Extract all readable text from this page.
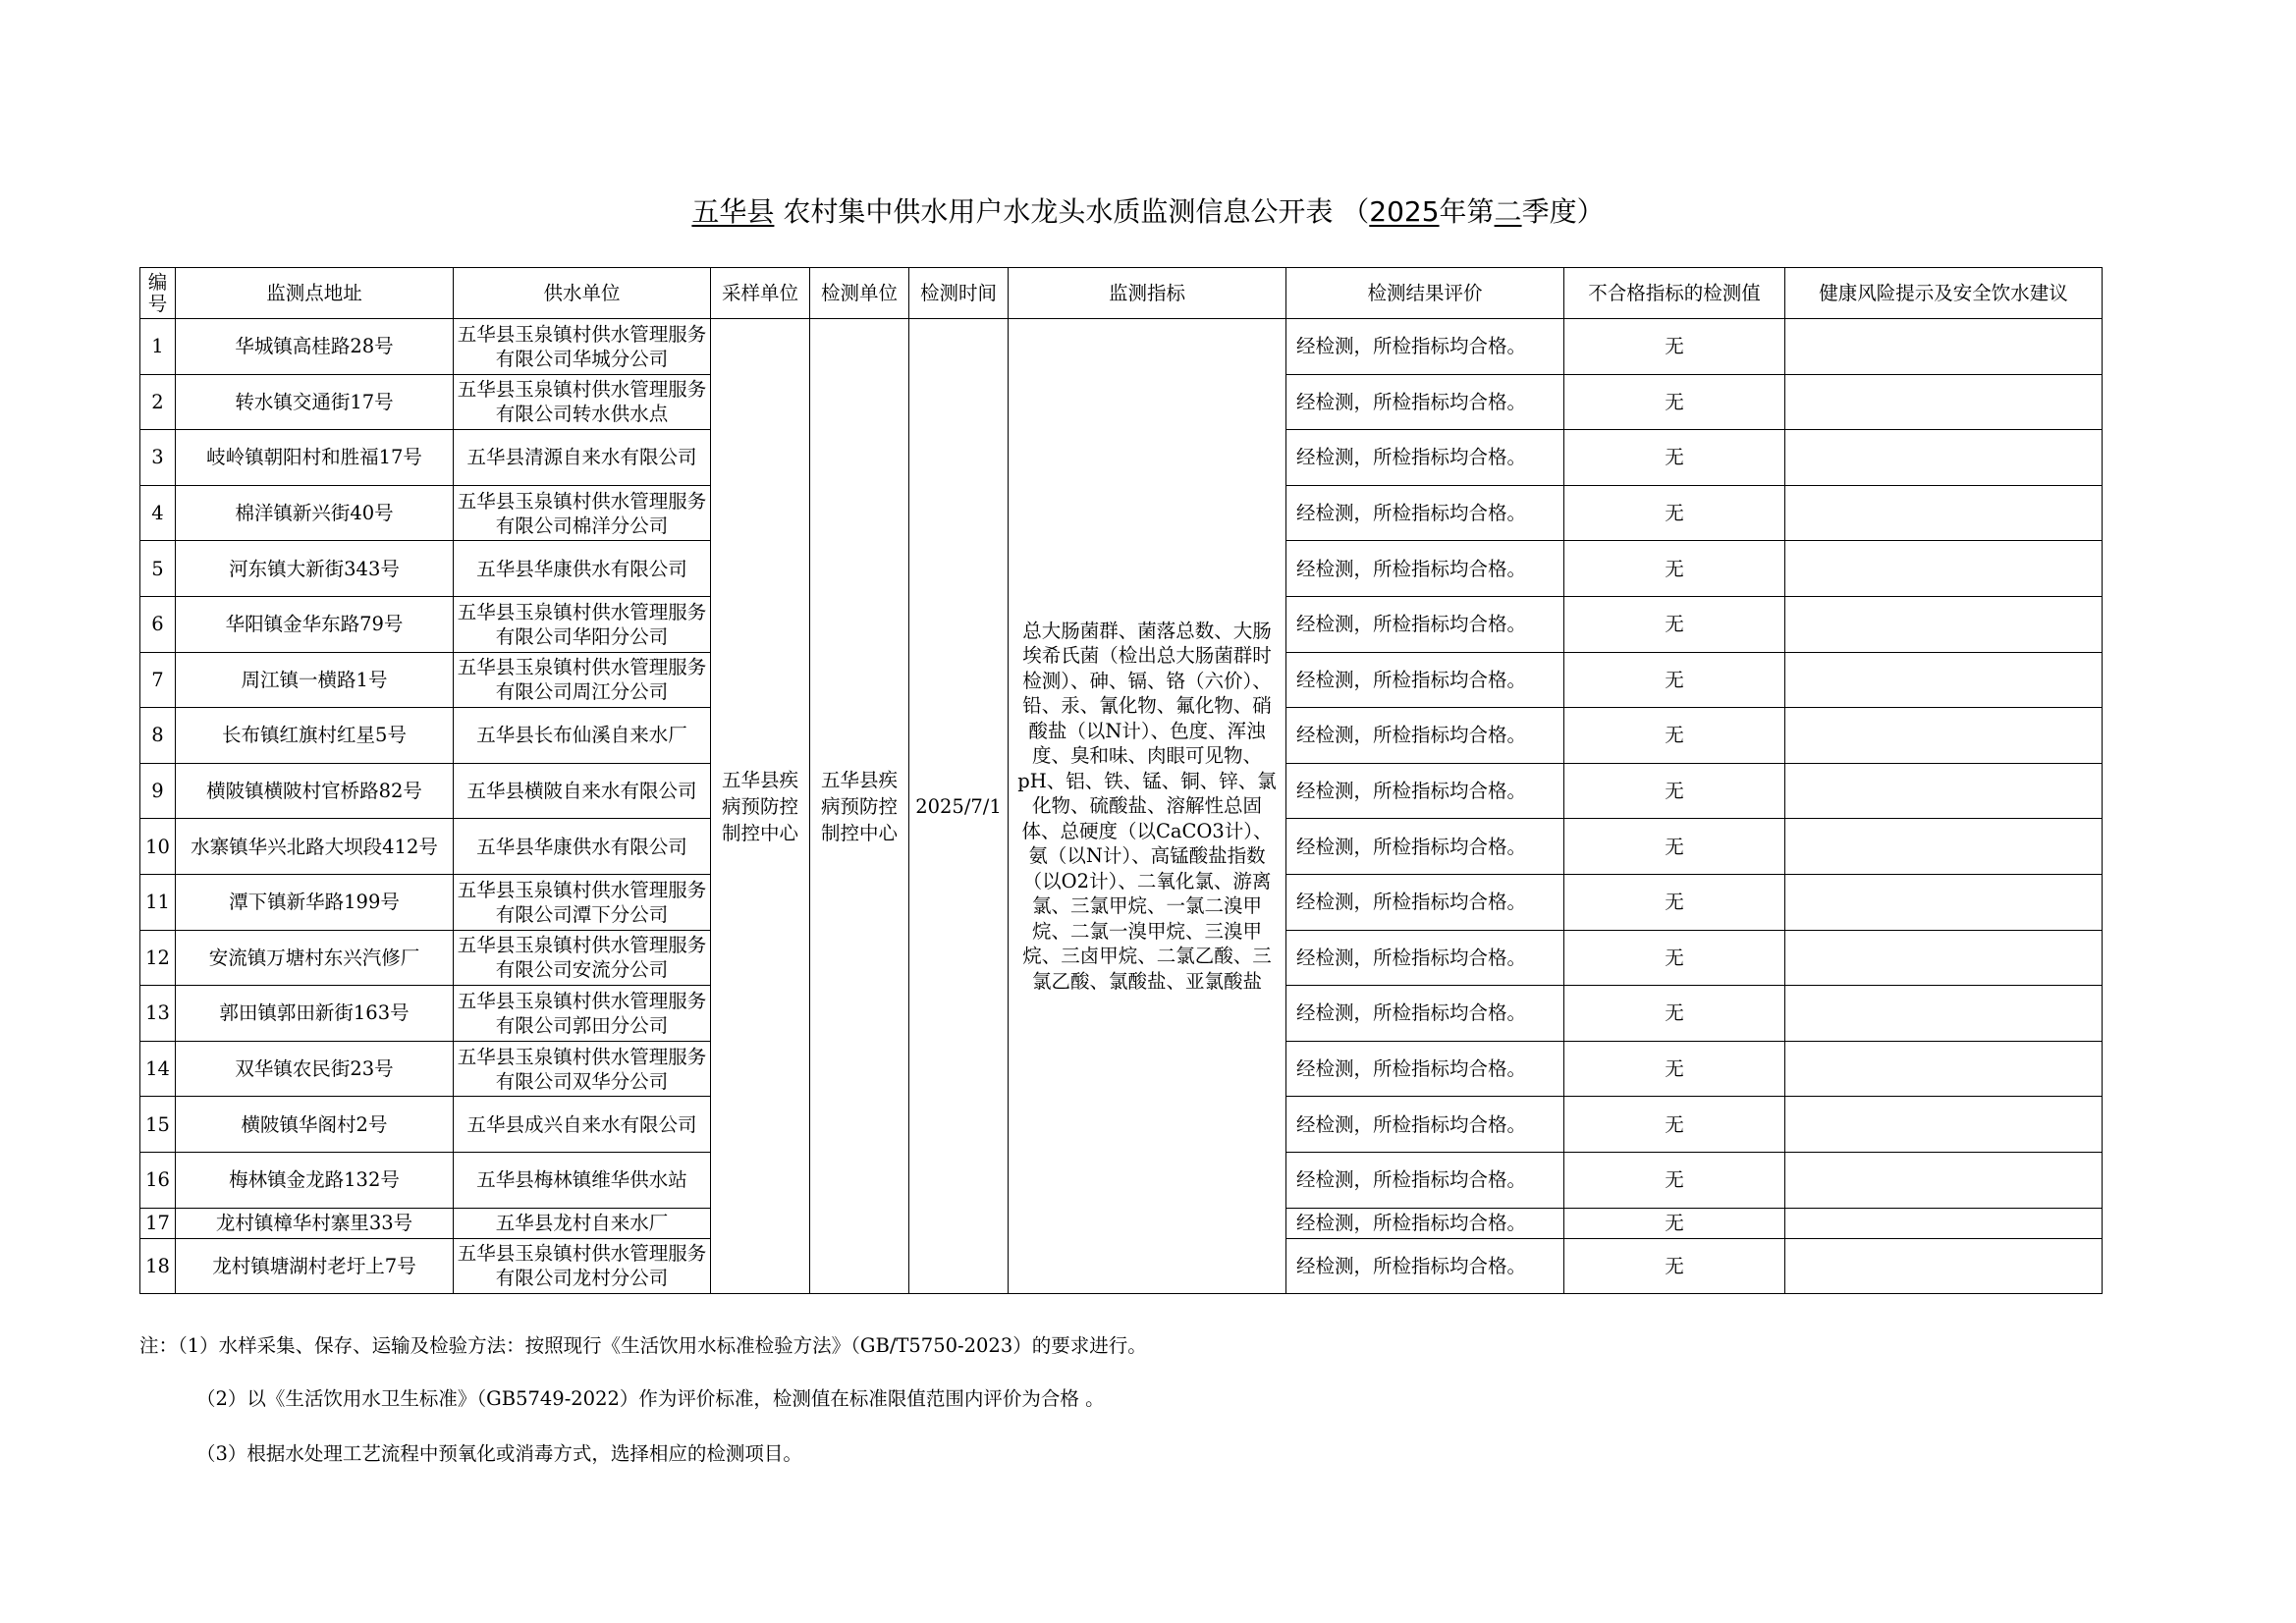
五华县 农村集中供水用户水龙头水质监测信息公开表 （2025年第二季度）
编号	监测点地址	供水单位	采样单位	检测单位	检测时间	监测指标	检测结果评价	不合格指标的检测值	健康风险提示及安全饮水建议
1	华城镇高桂路28号	五华县玉泉镇村供水管理服务有限公司华城分公司	五华县疾病预防控制控中心	五华县疾病预防控制控中心	2025/7/1	总大肠菌群、菌落总数、大肠埃希氏菌（检出总大肠菌群时检测）、砷、镉、铬（六价）、铅、汞、氰化物、氟化物、硝酸盐（以N计）、色度、浑浊度、臭和味、肉眼可见物、pH、铝、铁、锰、铜、锌、氯化物、硫酸盐、溶解性总固体、总硬度（以CaCO3计）、氨（以N计）、高锰酸盐指数（以O2计）、二氧化氯、游离氯、三氯甲烷、一氯二溴甲烷、二氯一溴甲烷、三溴甲烷、三卤甲烷、二氯乙酸、三氯乙酸、氯酸盐、亚氯酸盐	经检测，所检指标均合格。	无	
2	转水镇交通街17号	五华县玉泉镇村供水管理服务有限公司转水供水点					经检测，所检指标均合格。	无	
3	岐岭镇朝阳村和胜福17号	五华县清源自来水有限公司					经检测，所检指标均合格。	无	
4	棉洋镇新兴街40号	五华县玉泉镇村供水管理服务有限公司棉洋分公司					经检测，所检指标均合格。	无	
5	河东镇大新街343号	五华县华康供水有限公司					经检测，所检指标均合格。	无	
6	华阳镇金华东路79号	五华县玉泉镇村供水管理服务有限公司华阳分公司					经检测，所检指标均合格。	无	
7	周江镇一横路1号	五华县玉泉镇村供水管理服务有限公司周江分公司					经检测，所检指标均合格。	无	
8	长布镇红旗村红星5号	五华县长布仙溪自来水厂					经检测，所检指标均合格。	无	
9	横陂镇横陂村官桥路82号	五华县横陂自来水有限公司					经检测，所检指标均合格。	无	
10	水寨镇华兴北路大坝段412号	五华县华康供水有限公司					经检测，所检指标均合格。	无	
11	潭下镇新华路199号	五华县玉泉镇村供水管理服务有限公司潭下分公司					经检测，所检指标均合格。	无	
12	安流镇万塘村东兴汽修厂	五华县玉泉镇村供水管理服务有限公司安流分公司					经检测，所检指标均合格。	无	
13	郭田镇郭田新街163号	五华县玉泉镇村供水管理服务有限公司郭田分公司					经检测，所检指标均合格。	无	
14	双华镇农民街23号	五华县玉泉镇村供水管理服务有限公司双华分公司					经检测，所检指标均合格。	无	
15	横陂镇华阁村2号	五华县成兴自来水有限公司					经检测，所检指标均合格。	无	
16	梅林镇金龙路132号	五华县梅林镇维华供水站					经检测，所检指标均合格。	无	
17	龙村镇樟华村寨里33号	五华县龙村自来水厂					经检测，所检指标均合格。	无	
18	龙村镇塘湖村老圩上7号	五华县玉泉镇村供水管理服务有限公司龙村分公司					经检测，所检指标均合格。	无	
注：（1）水样采集、保存、运输及检验方法：按照现行《生活饮用水标准检验方法》（GB/T5750-2023）的要求进行。
（2）以《生活饮用水卫生标准》（GB5749-2022）作为评价标准，检测值在标准限值范围内评价为合格 。
（3）根据水处理工艺流程中预氧化或消毒方式，选择相应的检测项目。
